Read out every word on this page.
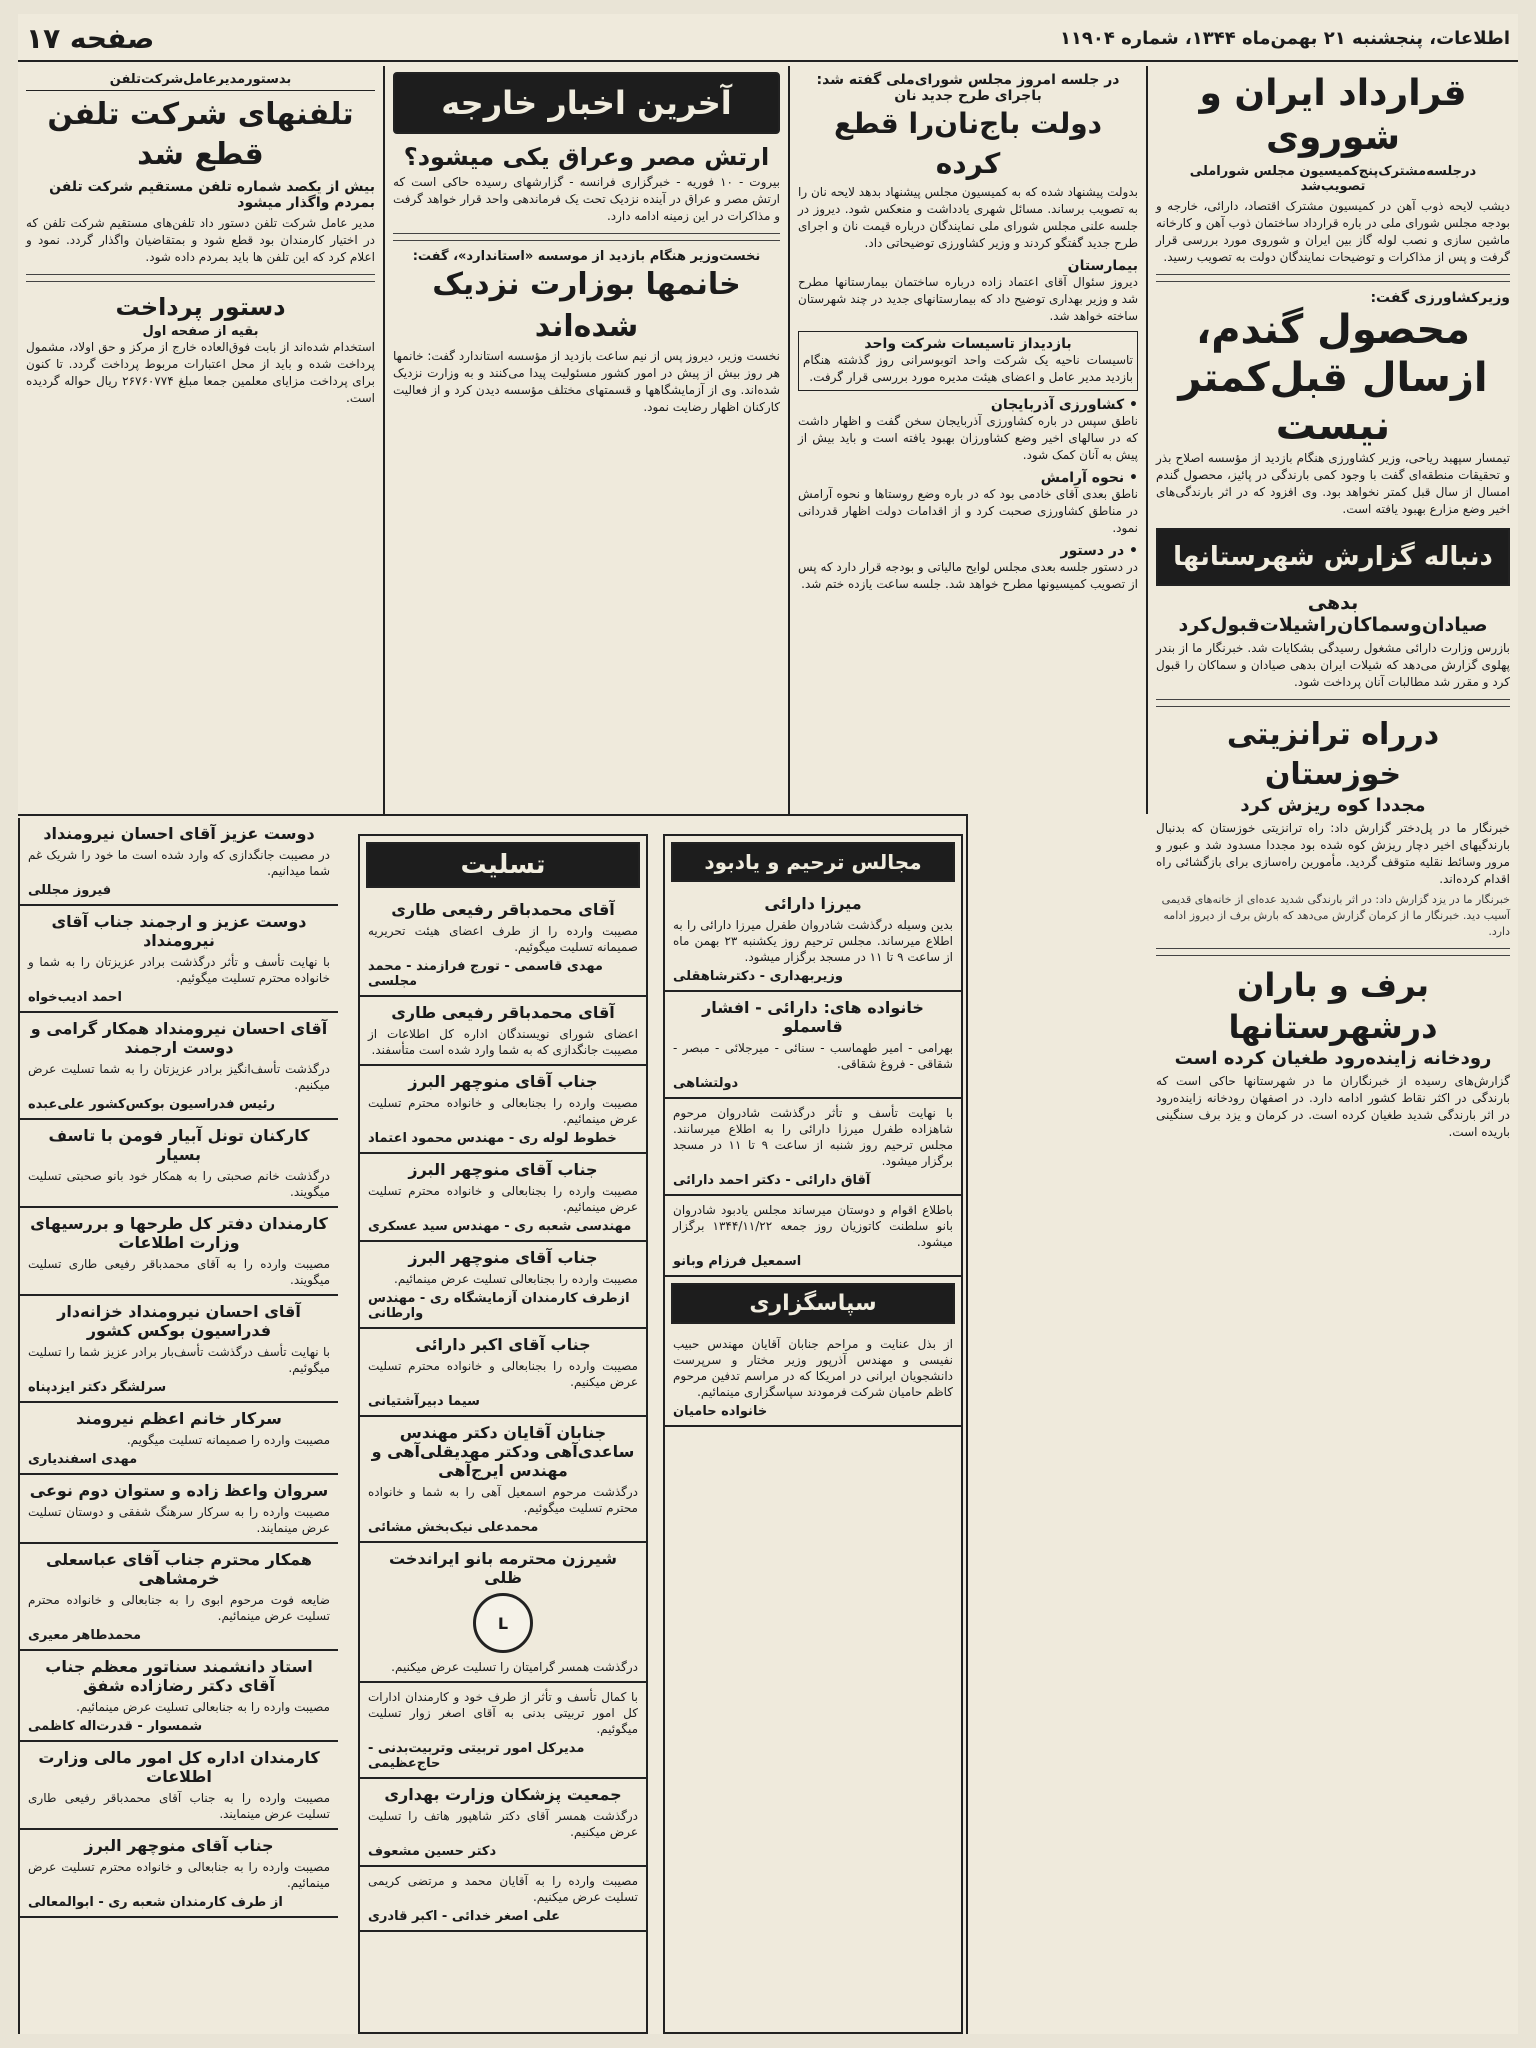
اطلاعات، پنجشنبه ۲۱ بهمن‌ماه ۱۳۴۴، شماره ۱۱۹۰۴
صفحه ۱۷
قرارداد ایران و شوروی
درجلسه‌مشترک‌پنج‌کمیسیون مجلس شورا‌ملی تصویب‌شد
دیشب لایحه ذوب آهن در کمیسیون مشترک اقتصاد، دارائی، خارجه و بودجه مجلس شورای ملی در باره قرارداد ساختمان ذوب آهن و کارخانه ماشین سازی و نصب لوله گاز بین ایران و شوروی مورد بررسی قرار گرفت و پس از مذاکرات و توضیحات نمایندگان دولت به تصویب رسید.
وزیرکشاورزی گفت:
محصول گندم،
ازسال قبل‌کمتر نیست
تیمسار سپهبد ریاحی، وزیر کشاورزی هنگام بازدید از مؤسسه اصلاح بذر و تحقیقات منطقه‌ای گفت با وجود کمی بارندگی در پائیز، محصول گندم امسال از سال قبل کمتر نخواهد بود. وی افزود که در اثر بارندگی‌های اخیر وضع مزارع بهبود یافته است.
دنباله گزارش شهرستانها
بدهی صیادان‌وسماکان‌راشیلات‌قبول‌کرد
بازرس وزارت دارائی مشغول رسیدگی بشکایات شد. خبرنگار ما از بندر پهلوی گزارش می‌دهد که شیلات ایران بدهی صیادان و سماکان را قبول کرد و مقرر شد مطالبات آنان پرداخت شود.
درراه ترانزیتی خوزستان
مجددا کوه ریزش کرد
خبرنگار ما در پل‌دختر گزارش داد: راه ترانزیتی خوزستان که بدنبال بارندگیهای اخیر دچار ریزش کوه شده بود مجددا مسدود شد و عبور و مرور وسائط نقلیه متوقف گردید. مأمورین راه‌سازی برای بازگشائی راه اقدام کرده‌اند.
خبرنگار ما در یزد گزارش داد: در اثر بارندگی شدید عده‌ای از خانه‌های قدیمی آسیب دید. خبرنگار ما از کرمان گزارش می‌دهد که بارش برف از دیروز ادامه دارد.
برف و باران درشهرستانها
رودخانه زاینده‌رود طغیان کرده است
گزارش‌های رسیده از خبرنگاران ما در شهرستانها حاکی است که بارندگی در اکثر نقاط کشور ادامه دارد. در اصفهان رودخانه زاینده‌رود در اثر بارندگی شدید طغیان کرده است. در کرمان و یزد برف سنگینی باریده است.
در جلسه امروز مجلس شورای‌ملی گفته شد: باجرای طرح جدید نان
دولت باج‌نان‌را قطع کرده
بدولت پیشنهاد شده که به کمیسیون مجلس پیشنهاد بدهد لایحه نان را به تصویب برساند. مسائل شهری یادداشت و منعکس شود. دیروز در جلسه علنی مجلس شورای ملی نمایندگان درباره قیمت نان و اجرای طرح جدید گفتگو کردند و وزیر کشاورزی توضیحاتی داد.
بیمارستان
دیروز سئوال آقای اعتماد زاده درباره ساختمان بیمارستانها مطرح شد و وزیر بهداری توضیح داد که بیمارستانهای جدید در چند شهرستان ساخته خواهد شد.
بازدیداز تاسیسات شرکت واحد
تاسیسات ناحیه یک شرکت واحد اتوبوسرانی روز گذشته هنگام بازدید مدیر عامل و اعضای هیئت مدیره مورد بررسی قرار گرفت.
• کشاورزی آذربایجان
ناطق سپس در باره کشاورزی آذربایجان سخن گفت و اظهار داشت که در سالهای اخیر وضع کشاورزان بهبود یافته است و باید بیش از پیش به آنان کمک شود.
• نحوه آرامش
ناطق بعدی آقای خادمی بود که در باره وضع روستاها و نحوه آرامش در مناطق کشاورزی صحبت کرد و از اقدامات دولت اظهار قدردانی نمود.
• در دستور
در دستور جلسه بعدی مجلس لوایح مالیاتی و بودجه قرار دارد که پس از تصویب کمیسیونها مطرح خواهد شد. جلسه ساعت یازده ختم شد.
آخرین اخبار خارجه
ارتش مصر وعراق یکی میشود؟
بیروت - ۱۰ فوریه - خبرگزاری فرانسه - گزارشهای رسیده حاکی است که ارتش مصر و عراق در آینده نزدیک تحت یک فرماندهی واحد قرار خواهد گرفت و مذاکرات در این زمینه ادامه دارد.
نخست‌وزیر هنگام بازدید از موسسه «استاندارد»، گفت:
خانمها بوزارت نزدیک شده‌اند
نخست وزیر، دیروز پس از نیم ساعت بازدید از مؤسسه استاندارد گفت: خانمها هر روز بیش از پیش در امور کشور مسئولیت پیدا می‌کنند و به وزارت نزدیک شده‌اند. وی از آزمایشگاهها و قسمتهای مختلف مؤسسه دیدن کرد و از فعالیت کارکنان اظهار رضایت نمود.
بدستورمدیرعامل‌شرکت‌تلفن
تلفنهای شرکت تلفن قطع شد
بیش از یکصد شماره تلفن مستقیم شرکت تلفن بمردم واگذار میشود
مدیر عامل شرکت تلفن دستور داد تلفن‌های مستقیم شرکت تلفن که در اختیار کارمندان بود قطع شود و بمتقاضیان واگذار گردد. نمود و اعلام کرد که این تلفن ها باید بمردم داده شود.
دستور پرداخت
بقیه از صفحه اول
استخدام شده‌اند از بابت فوق‌العاده خارج از مرکز و حق اولاد، مشمول پرداخت شده و باید از محل اعتبارات مربوط پرداخت گردد. تا کنون برای پرداخت مزایای معلمین جمعا مبلغ ۲۶۷۶۰۷۷۴ ریال حواله گردیده است.
دوست عزیز آقای احسان نیرومنداد
در مصیبت جانگدازی که وارد شده است ما خود را شریک غم شما میدانیم.
فیروز مجللی
دوست عزیز و ارجمند جناب آقای نیرومنداد
با نهایت تأسف و تأثر درگذشت برادر عزیزتان را به شما و خانواده محترم تسلیت میگوئیم.
احمد ادیب‌خواه
آقای احسان نیرومنداد همکار گرامی و دوست ارجمند
درگذشت تأسف‌انگیز برادر عزیزتان را به شما تسلیت عرض میکنیم.
رئیس فدراسیون بوکس‌کشور علی‌عبده
کارکنان تونل آبیار فومن با تاسف بسیار
درگذشت خانم صحبتی را به همکار خود بانو صحبتی تسلیت میگویند.
کارمندان دفتر کل طرحها و بررسیهای وزارت اطلاعات
مصیبت وارده را به آقای محمدباقر رفیعی طاری تسلیت میگویند.
آقای احسان نیرومنداد خزانه‌دار فدراسیون بوکس کشور
با نهایت تأسف درگذشت تأسف‌بار برادر عزیز شما را تسلیت میگوئیم.
سرلشگر دکتر ایزدپناه
سرکار خانم اعظم نیرومند
مصیبت وارده را صمیمانه تسلیت میگویم.
مهدی اسفندیاری
سروان واعظ زاده و ستوان دوم نوعی
مصیبت وارده را به سرکار سرهنگ شفقی و دوستان تسلیت عرض مینمایند.
همکار محترم جناب آقای عباسعلی خرمشاهی
ضایعه فوت مرحوم ابوی را به جنابعالی و خانواده محترم تسلیت عرض مینمائیم.
محمدطاهر معیری
استاد دانشمند سناتور معظم جناب آقای دکتر رضازاده شفق
مصیبت وارده را به جنابعالی تسلیت عرض مینمائیم.
شمسوار - قدرت‌اله کاظمی
کارمندان اداره کل امور مالی وزارت اطلاعات
مصیبت وارده را به جناب آقای محمدباقر رفیعی طاری تسلیت عرض مینمایند.
جناب آقای منوچهر البرز
مصیبت وارده را به جنابعالی و خانواده محترم تسلیت عرض مینمائیم.
از طرف کارمندان شعبه ری - ابوالمعالی
تسلیت
آقای محمدباقر رفیعی طاری
مصیبت وارده را از طرف اعضای هیئت تحریریه صمیمانه تسلیت میگوئیم.
مهدی قاسمی - تورج فرازمند - محمد مجلسی
آقای محمدباقر رفیعی طاری
اعضای شورای نویسندگان اداره کل اطلاعات از مصیبت جانگدازی که به شما وارد شده است متأسفند.
جناب آقای منوچهر البرز
مصیبت وارده را بجنابعالی و خانواده محترم تسلیت عرض مینمائیم.
خطوط لوله ری - مهندس محمود اعتماد
جناب آقای منوچهر البرز
مصیبت وارده را بجنابعالی و خانواده محترم تسلیت عرض مینمائیم.
مهندسی شعبه ری - مهندس سید عسکری
جناب آقای منوچهر البرز
مصیبت وارده را بجنابعالی تسلیت عرض مینمائیم.
ازطرف کارمندان آزمایشگاه ری - مهندس وارطانی
جناب آقای اکبر دارائی
مصیبت وارده را بجنابعالی و خانواده محترم تسلیت عرض میکنیم.
سیما دبیرآشتیانی
جنابان آقایان دکتر مهندس ساعدی‌آهی ودکتر مهدیقلی‌آهی و مهندس ایرج‌آهی
درگذشت مرحوم اسمعیل آهی را به شما و خانواده محترم تسلیت میگوئیم.
محمدعلی نیک‌بخش مشائی
شیرزن محترمه بانو ایراندخت ظلی
L
درگذشت همسر گرامیتان را تسلیت عرض میکنیم.
با کمال تأسف و تأثر از طرف خود و کارمندان ادارات کل امور تربیتی بدنی به آقای اصغر زوار تسلیت میگوئیم.
مدیرکل امور تربیتی وتربیت‌بدنی - حاج‌عظیمی
جمعیت پزشکان وزارت بهداری
درگذشت همسر آقای دکتر شاهپور هاتف را تسلیت عرض میکنیم.
دکتر حسین مشعوف
مصیبت وارده را به آقایان محمد و مرتضی کریمی تسلیت عرض میکنیم.
علی اصغر خدائی - اکبر قادری
مجالس ترحیم و یادبود
میرزا دارائی
بدین وسیله درگذشت شادروان طفرل میرزا دارائی را به اطلاع میرساند. مجلس ترحیم روز یکشنبه ۲۳ بهمن ماه از ساعت ۹ تا ۱۱ در مسجد برگزار میشود.
وزیربهداری - دکترشاهقلی
خانواده های: دارائی - افشار قاسملو
بهرامی - امیر طهماسب - سنائی - میرجلائی - مبصر - شقاقی - فروغ شقاقی.
دولتشاهی
با نهایت تأسف و تأثر درگذشت شادروان مرحوم شاهزاده طفرل میرزا دارائی را به اطلاع میرسانند. مجلس ترحیم روز شنبه از ساعت ۹ تا ۱۱ در مسجد برگزار میشود.
آقاق دارائی - دکتر احمد دارائی
باطلاع اقوام و دوستان میرساند مجلس یادبود شادروان بانو سلطنت کاتوزیان روز جمعه ۱۳۴۴/۱۱/۲۲ برگزار میشود.
اسمعیل فرزام وبانو
سپاسگزاری
از بذل عنایت و مراحم جنابان آقایان مهندس حبیب نفیسی و مهندس آذرپور وزیر مختار و سرپرست دانشجویان ایرانی در امریکا که در مراسم تدفین مرحوم کاظم حامیان شرکت فرمودند سپاسگزاری مینمائیم.
خانواده حامیان
